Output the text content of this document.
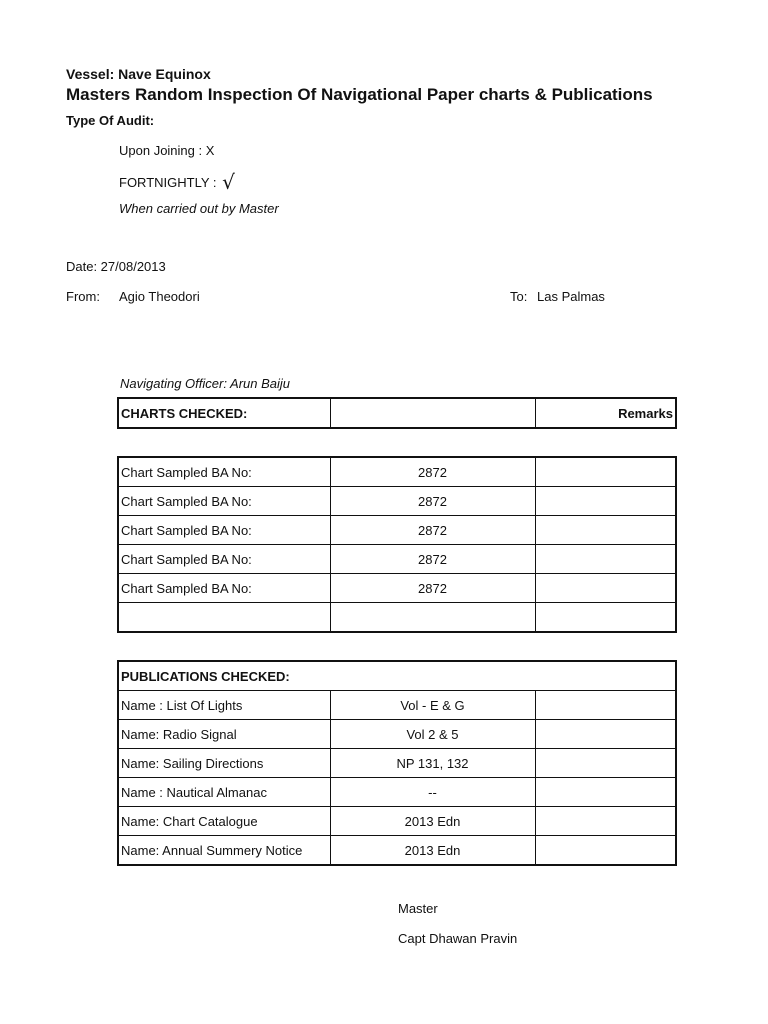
Vessel: Nave Equinox
Masters Random Inspection Of Navigational Paper charts & Publications
Type Of Audit:
Upon Joining : X
FORTNIGHTLY : √
When carried out by Master
Date: 27/08/2013
From: Agio Theodori	To: Las Palmas
Navigating Officer: Arun Baiju
CHARTS CHECKED:		Remarks
Chart Sampled BA No:	2872	
Chart Sampled BA No:	2872	
Chart Sampled BA No:	2872	
Chart Sampled BA No:	2872	
Chart Sampled BA No:	2872	

PUBLICATIONS CHECKED:		
Name : List Of Lights	Vol - E & G	
Name: Radio Signal	Vol 2 & 5	
Name: Sailing Directions	NP 131, 132	
Name : Nautical Almanac	--	
Name: Chart Catalogue	2013 Edn	
Name: Annual Summery Notice	2013 Edn	
Master
Capt Dhawan Pravin
